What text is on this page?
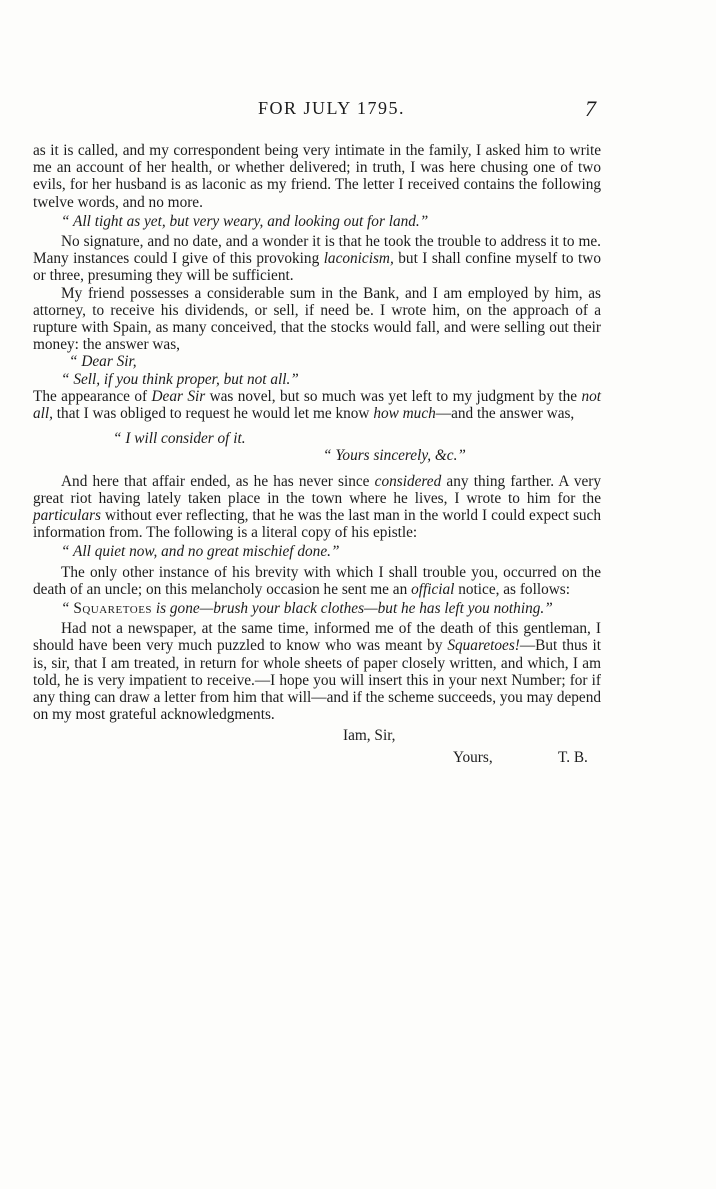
FOR JULY 1795.	7

as it is called, and my correspondent being very intimate in the family, I asked him to write me an account of her health, or whether delivered; in truth, I was here chusing one of two evils, for her husband is as laconic as my friend. The letter I received contains the following twelve words, and no more.

“ All tight as yet, but very weary, and looking out for land.”

No signature, and no date, and a wonder it is that he took the trouble to address it to me. Many instances could I give of this provoking laconicism, but I shall confine myself to two or three, presuming they will be sufficient.

My friend possesses a considerable sum in the Bank, and I am employed by him, as attorney, to receive his dividends, or sell, if need be. I wrote him, on the approach of a rupture with Spain, as many conceived, that the stocks would fall, and were selling out their money: the answer was,

“ Dear Sir,

“ Sell, if you think proper, but not all.”

The appearance of Dear Sir was novel, but so much was yet left to my judgment by the not all, that I was obliged to request he would let me know how much—and the answer was,

“ I will consider of it.

“ Yours sincerely, &c.”

And here that affair ended, as he has never since considered any thing farther. A very great riot having lately taken place in the town where he lives, I wrote to him for the particulars without ever reflecting, that he was the last man in the world I could expect such information from. The following is a literal copy of his epistle:

“ All quiet now, and no great mischief done.”

The only other instance of his brevity with which I shall trouble you, occurred on the death of an uncle; on this melancholy occasion he sent me an official notice, as follows:

“ Squaretoes is gone—brush your black clothes—but he has left you nothing.”

Had not a newspaper, at the same time, informed me of the death of this gentleman, I should have been very much puzzled to know who was meant by Squaretoes!—But thus it is, sir, that I am treated, in return for whole sheets of paper closely written, and which, I am told, he is very impatient to receive.—I hope you will insert this in your next Number; for if any thing can draw a letter from him that will—and if the scheme succeeds, you may depend on my most grateful acknowledgments.

Iam, Sir,
Yours,	T. B.
